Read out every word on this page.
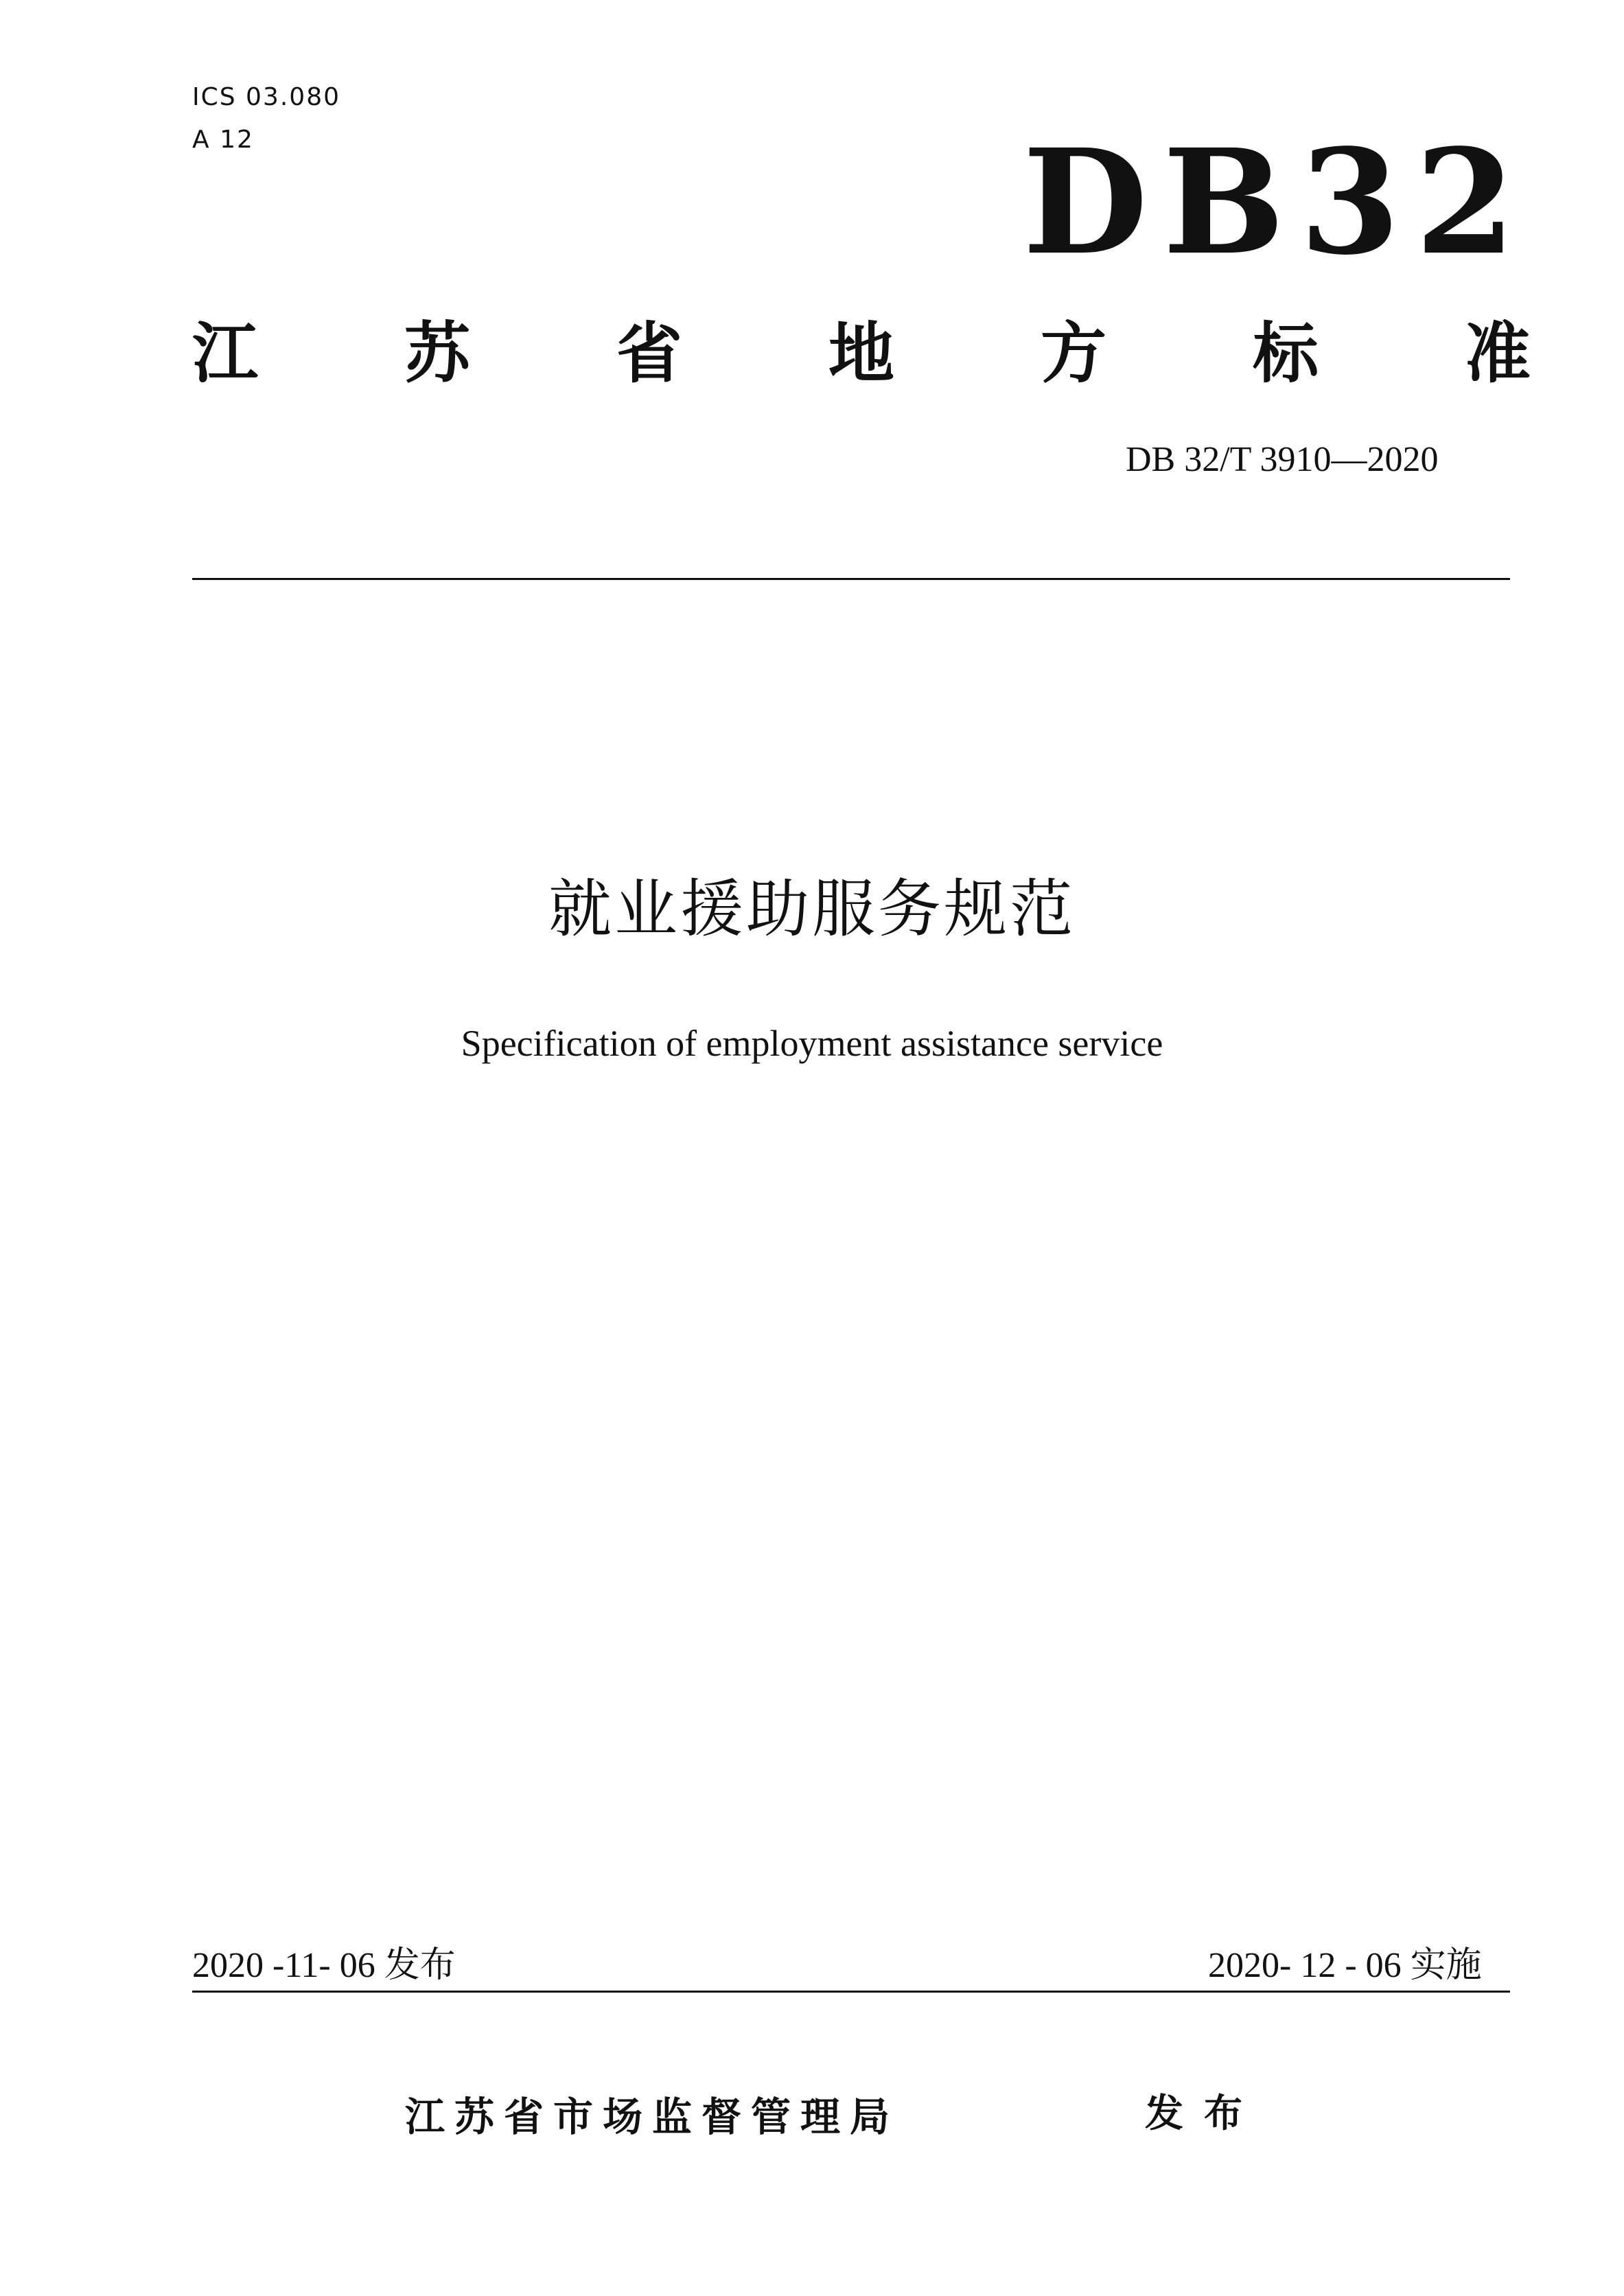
ICS 03.080
A 12	DB32
江 苏 省 地 方 标 准
DB 32/T 3910—2020
就业援助服务规范
Specification of employment assistance service
2020 -11- 06 发布	2020- 12 - 06 实施
江苏省市场监督管理局	发布
